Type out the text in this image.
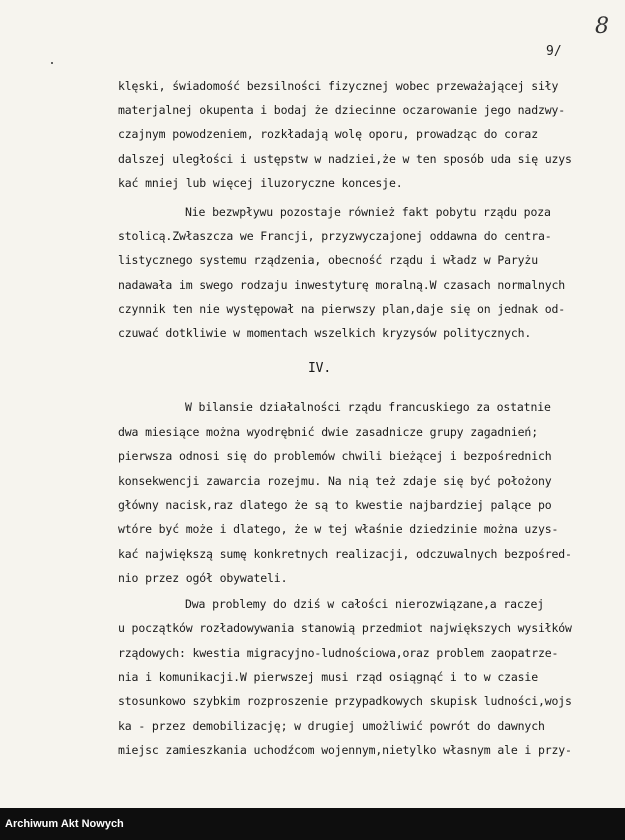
8
9/
klęski, świadomość bezsilności fizycznej wobec przeważającej siły
materjalnej okupenta i bodaj że dziecinne oczarowanie jego nadzwy-
czajnym powodzeniem, rozkładają wolę oporu, prowadząc do coraz
dalszej uległości i ustępstw w nadziei,że w ten sposób uda się uzys
kać mniej lub więcej iluzoryczne koncesje.
Nie bezwpływu pozostaje również fakt pobytu rządu poza
stolicą.Zwłaszcza we Francji, przyzwyczajonej oddawna do centra-
listycznego systemu rządzenia, obecność rządu i władz w Paryżu
nadawała im swego rodzaju inwestyturę moralną.W czasach normalnych
czynnik ten nie występował na pierwszy plan,daje się on jednak od-
czuwać dotkliwie w momentach wszelkich kryzysów politycznych.
IV.
W bilansie działalności rządu francuskiego za ostatnie
dwa miesiące można wyodrębnić dwie zasadnicze grupy zagadnień;
pierwsza odnosi się do problemów chwili bieżącej i bezpośrednich
konsekwencji zawarcia rozejmu. Na nią też zdaje się być położony
główny nacisk,raz dlatego że są to kwestie najbardziej palące po
wtóre być może i dlatego, że w tej właśnie dziedzinie można uzys-
kać największą sumę konkretnych realizacji, odczuwalnych bezpośred-
nio przez ogół obywateli.
Dwa problemy do dziś w całości nierozwiązane,a raczej
u początków rozładowywania stanowią przedmiot największych wysiłków
rządowych: kwestia migracyjno-ludnościowa,oraz problem zaopatrze-
nia i komunikacji.W pierwszej musi rząd osiągnąć i to w czasie
stosunkowo szybkim rozproszenie przypadkowych skupisk ludności,wojs
ka - przez demobilizację; w drugiej umożliwić powrót do dawnych
miejsc zamieszkania uchodźcom wojennym,nietylko własnym ale i przy-
Archiwum Akt Nowych
